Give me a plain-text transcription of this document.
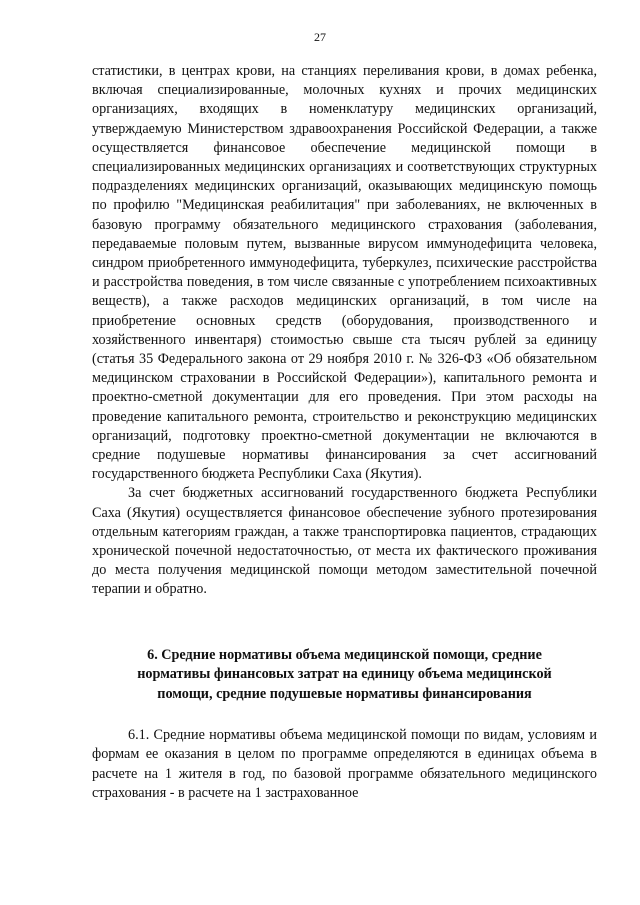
27

статистики, в центрах крови, на станциях переливания крови, в домах ребенка, включая специализированные, молочных кухнях и прочих медицинских организациях, входящих в номенклатуру медицинских организаций, утверждаемую Министерством здравоохранения Российской Федерации, а также осуществляется финансовое обеспечение медицинской помощи в специализированных медицинских организациях и соответствующих структурных подразделениях медицинских организаций, оказывающих медицинскую помощь по профилю "Медицинская реабилитация" при заболеваниях, не включенных в базовую программу обязательного медицинского страхования (заболевания, передаваемые половым путем, вызванные вирусом иммунодефицита человека, синдром приобретенного иммунодефицита, туберкулез, психические расстройства и расстройства поведения, в том числе связанные с употреблением психоактивных веществ), а также расходов медицинских организаций, в том числе на приобретение основных средств (оборудования, производственного и хозяйственного инвентаря) стоимостью свыше ста тысяч рублей за единицу (статья 35 Федерального закона от 29 ноября 2010 г. № 326-ФЗ «Об обязательном медицинском страховании в Российской Федерации»), капитального ремонта и проектно-сметной документации для его проведения. При этом расходы на проведение капитального ремонта, строительство и реконструкцию медицинских организаций, подготовку проектно-сметной документации не включаются в средние подушевые нормативы финансирования за счет ассигнований государственного бюджета Республики Саха (Якутия).

За счет бюджетных ассигнований государственного бюджета Республики Саха (Якутия) осуществляется финансовое обеспечение зубного протезирования отдельным категориям граждан, а также транспортировка пациентов, страдающих хронической почечной недостаточностью, от места их фактического проживания до места получения медицинской помощи методом заместительной почечной терапии и обратно.

6. Средние нормативы объема медицинской помощи, средние
нормативы финансовых затрат на единицу объема медицинской
помощи, средние подушевые нормативы финансирования

6.1. Средние нормативы объема медицинской помощи по видам, условиям и формам ее оказания в целом по программе определяются в единицах объема в расчете на 1 жителя в год, по базовой программе обязательного медицинского страхования - в расчете на 1 застрахованное
